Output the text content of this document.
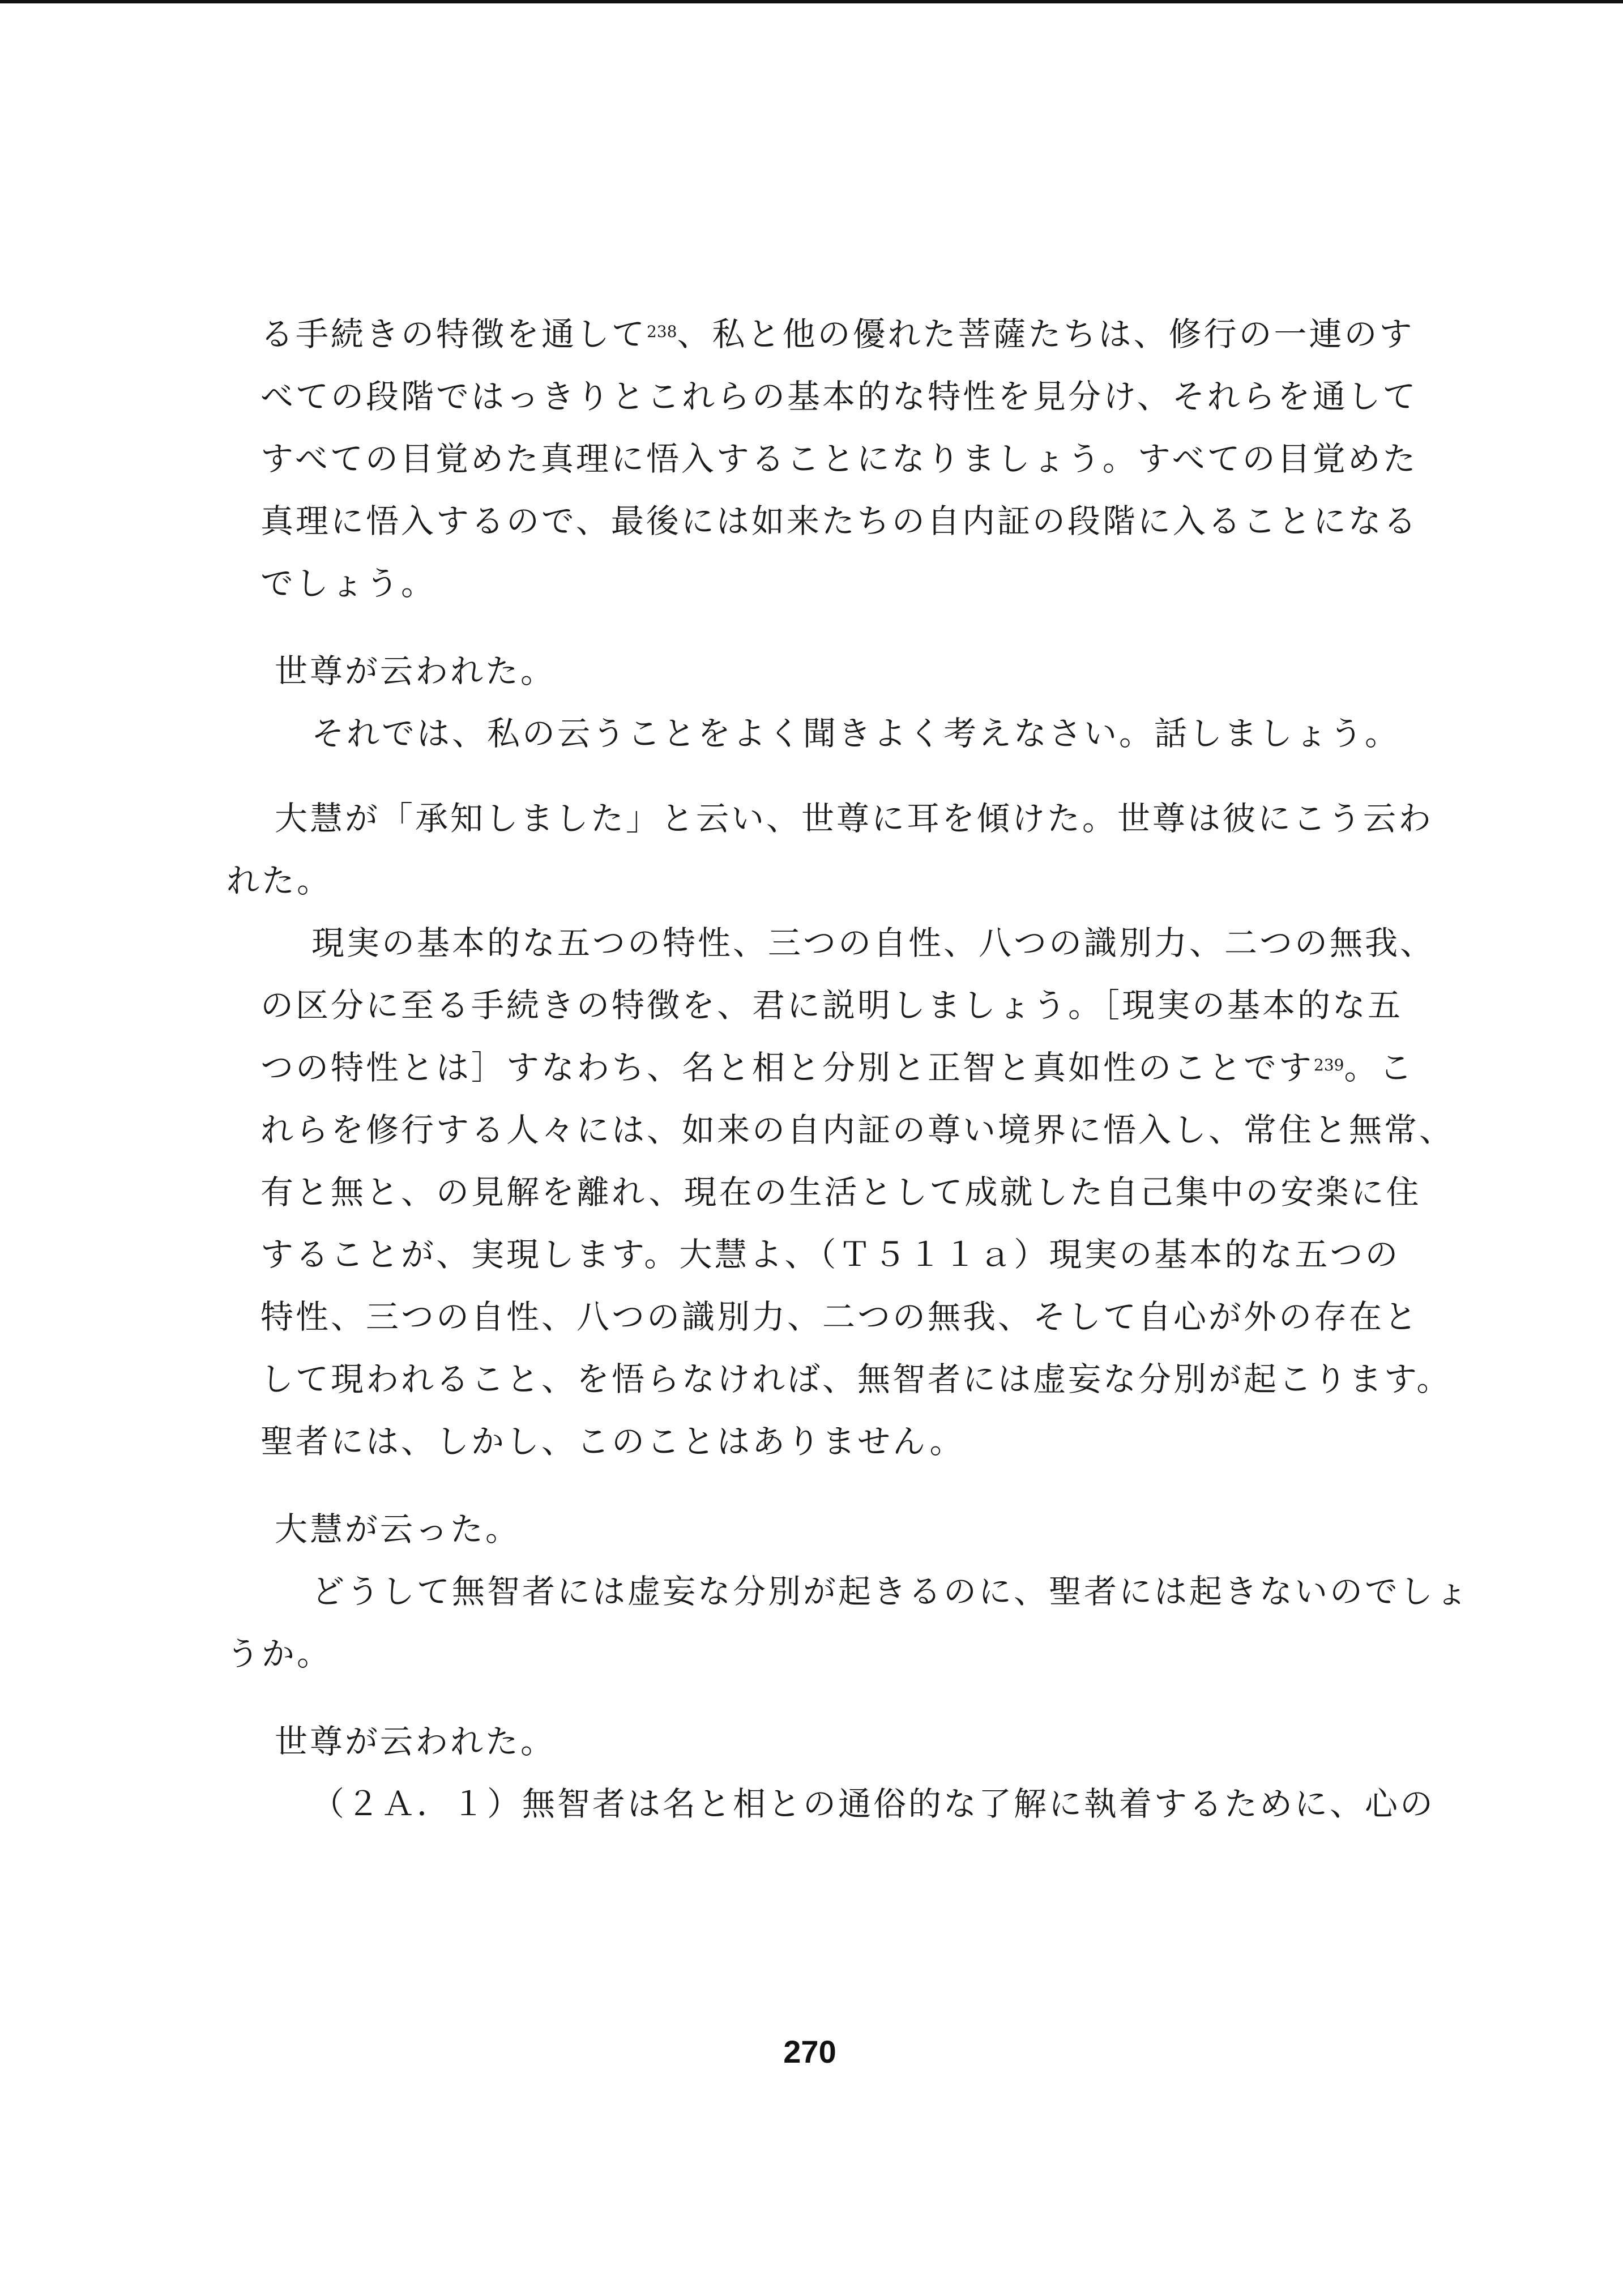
る手続きの特徴を通して$^{238}$、私と他の優れた菩薩たちは、修行の一連のす
べての段階ではっきりとこれらの基本的な特性を見分け、それらを通して
すべての目覚めた真理に悟入することになりましょう。すべての目覚めた
真理に悟入するので、最後には如来たちの自内証の段階に入ることになる
でしょう。
世尊が云われた。
それでは、私の云うことをよく聞きよく考えなさい。話しましょう。
大慧が「承知しました」と云い、世尊に耳を傾けた。世尊は彼にこう云わ
れた。
現実の基本的な五つの特性、三つの自性、八つの識別力、二つの無我、
の区分に至る手続きの特徴を、君に説明しましょう。［現実の基本的な五
つの特性とは］すなわち、名と相と分別と正智と真如性のことです$^{239}$。こ
れらを修行する人々には、如来の自内証の尊い境界に悟入し、常住と無常、
有と無と、の見解を離れ、現在の生活として成就した自己集中の安楽に住
することが、実現します。大慧よ、（Ｔ５１１ａ）現実の基本的な五つの
特性、三つの自性、八つの識別力、二つの無我、そして自心が外の存在と
して現われること、を悟らなければ、無智者には虚妄な分別が起こります。
聖者には、しかし、このことはありません。
大慧が云った。
どうして無智者には虚妄な分別が起きるのに、聖者には起きないのでしょ
うか。
世尊が云われた。
（２Ａ．１）無智者は名と相との通俗的な了解に執着するために、心の
270
